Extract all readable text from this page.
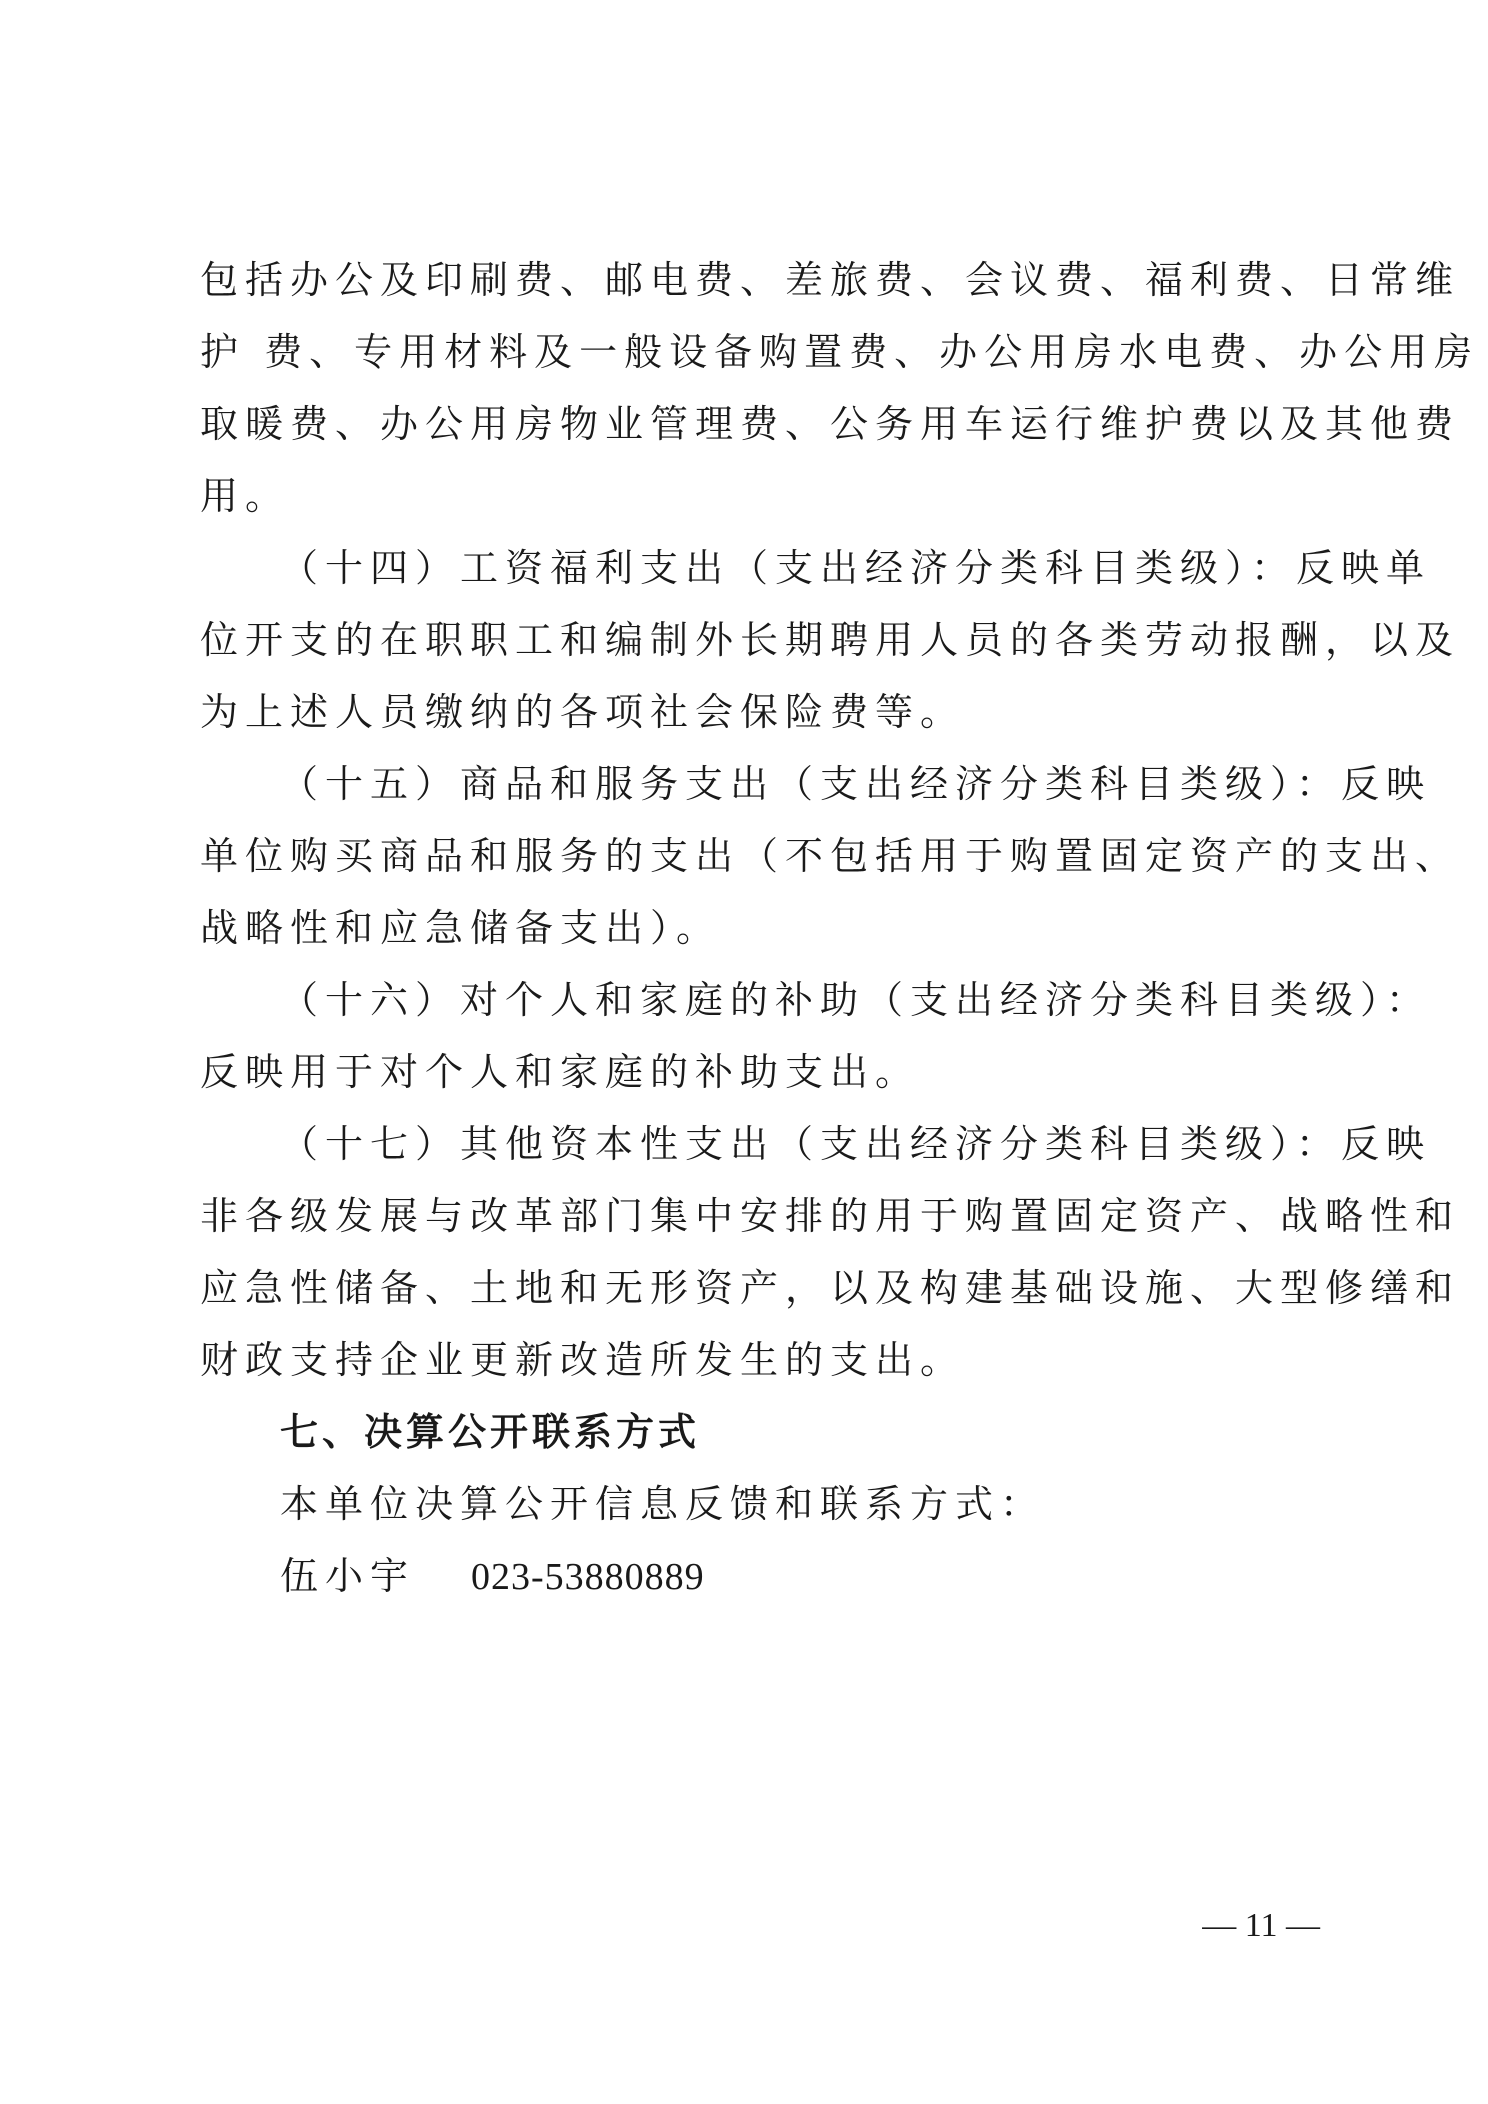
包括办公及印刷费、邮电费、差旅费、会议费、福利费、日常维
护 费、专用材料及一般设备购置费、办公用房水电费、办公用房
取暖费、办公用房物业管理费、公务用车运行维护费以及其他费
用。
（十四）工资福利支出（支出经济分类科目类级）：反映单
位开支的在职职工和编制外长期聘用人员的各类劳动报酬，以及
为上述人员缴纳的各项社会保险费等。
（十五）商品和服务支出（支出经济分类科目类级）：反映
单位购买商品和服务的支出（不包括用于购置固定资产的支出、
战略性和应急储备支出）。
（十六）对个人和家庭的补助（支出经济分类科目类级）：
反映用于对个人和家庭的补助支出。
（十七）其他资本性支出（支出经济分类科目类级）：反映
非各级发展与改革部门集中安排的用于购置固定资产、战略性和
应急性储备、土地和无形资产，以及构建基础设施、大型修缮和
财政支持企业更新改造所发生的支出。
七、决算公开联系方式
本单位决算公开信息反馈和联系方式：
伍小宇 023-53880889
— 11 —
